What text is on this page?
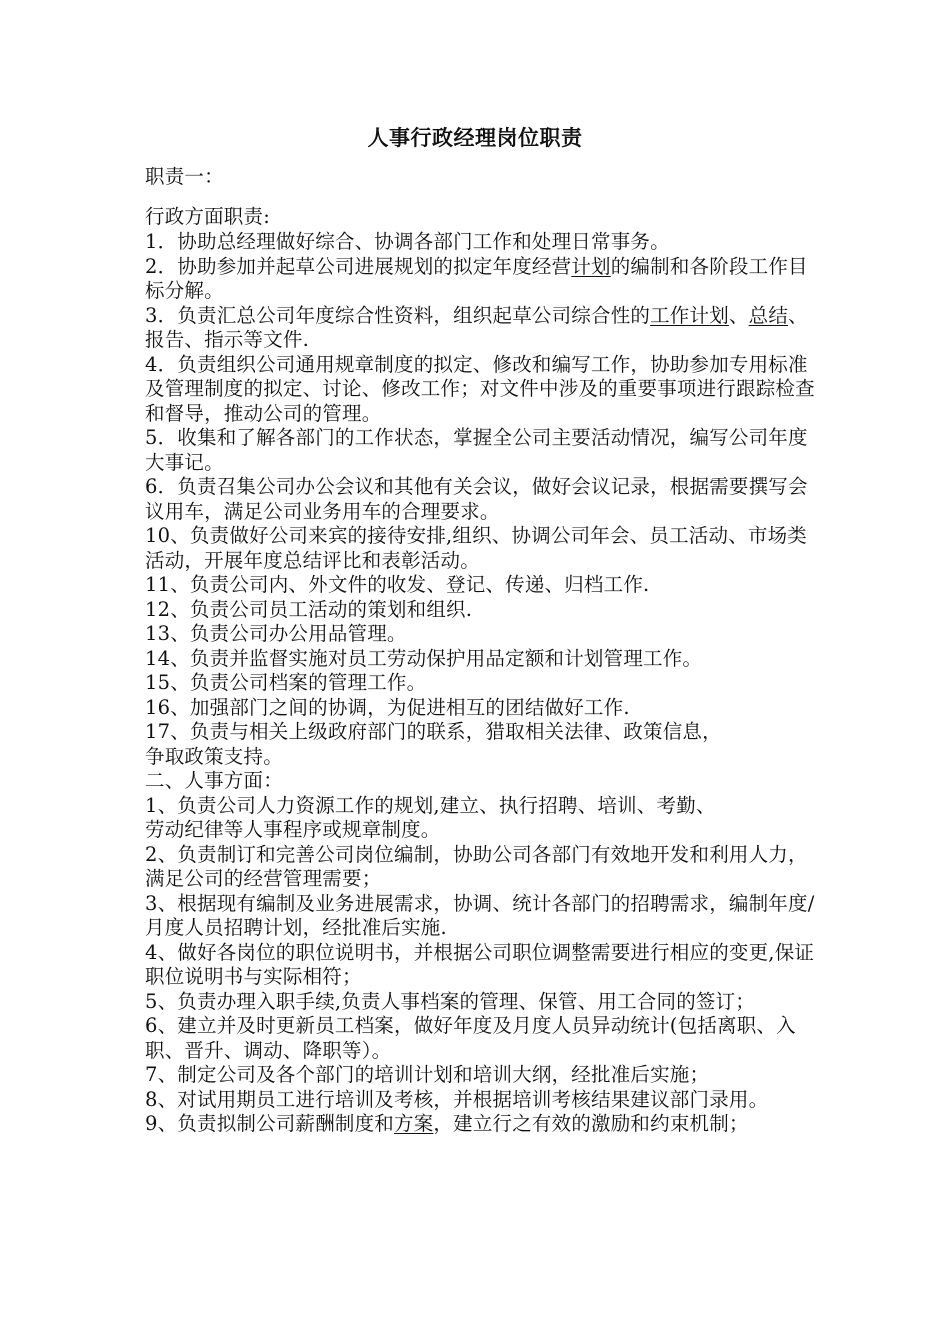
人事行政经理岗位职责
职责一：
行政方面职责:
1．协助总经理做好综合、协调各部门工作和处理日常事务。
2．协助参加并起草公司进展规划的拟定年度经营计划的编制和各阶段工作目标分解。
3．负责汇总公司年度综合性资料，组织起草公司综合性的工作计划、总结、报告、指示等文件.
4．负责组织公司通用规章制度的拟定、修改和编写工作，协助参加专用标准及管理制度的拟定、讨论、修改工作；对文件中涉及的重要事项进行跟踪检查和督导，推动公司的管理。
5．收集和了解各部门的工作状态，掌握全公司主要活动情况，编写公司年度大事记。
6．负责召集公司办公会议和其他有关会议，做好会议记录，根据需要撰写会议用车，满足公司业务用车的合理要求。
10、负责做好公司来宾的接待安排,组织、协调公司年会、员工活动、市场类活动，开展年度总结评比和表彰活动。
11、负责公司内、外文件的收发、登记、传递、归档工作.
12、负责公司员工活动的策划和组织.
13、负责公司办公用品管理。
14、负责并监督实施对员工劳动保护用品定额和计划管理工作。
15、负责公司档案的管理工作。
16、加强部门之间的协调，为促进相互的团结做好工作.
17、负责与相关上级政府部门的联系，猎取相关法律、政策信息，
争取政策支持。
二、人事方面：
1、负责公司人力资源工作的规划,建立、执行招聘、培训、考勤、
劳动纪律等人事程序或规章制度。
2、负责制订和完善公司岗位编制，协助公司各部门有效地开发和利用人力，满足公司的经营管理需要；
3、根据现有编制及业务进展需求，协调、统计各部门的招聘需求，编制年度/月度人员招聘计划，经批准后实施.
4、做好各岗位的职位说明书，并根据公司职位调整需要进行相应的变更,保证职位说明书与实际相符；
5、负责办理入职手续,负责人事档案的管理、保管、用工合同的签订；
6、建立并及时更新员工档案，做好年度及月度人员异动统计(包括离职、入职、晋升、调动、降职等）。
7、制定公司及各个部门的培训计划和培训大纲，经批准后实施；
8、对试用期员工进行培训及考核，并根据培训考核结果建议部门录用。
9、负责拟制公司薪酬制度和方案，建立行之有效的激励和约束机制；
